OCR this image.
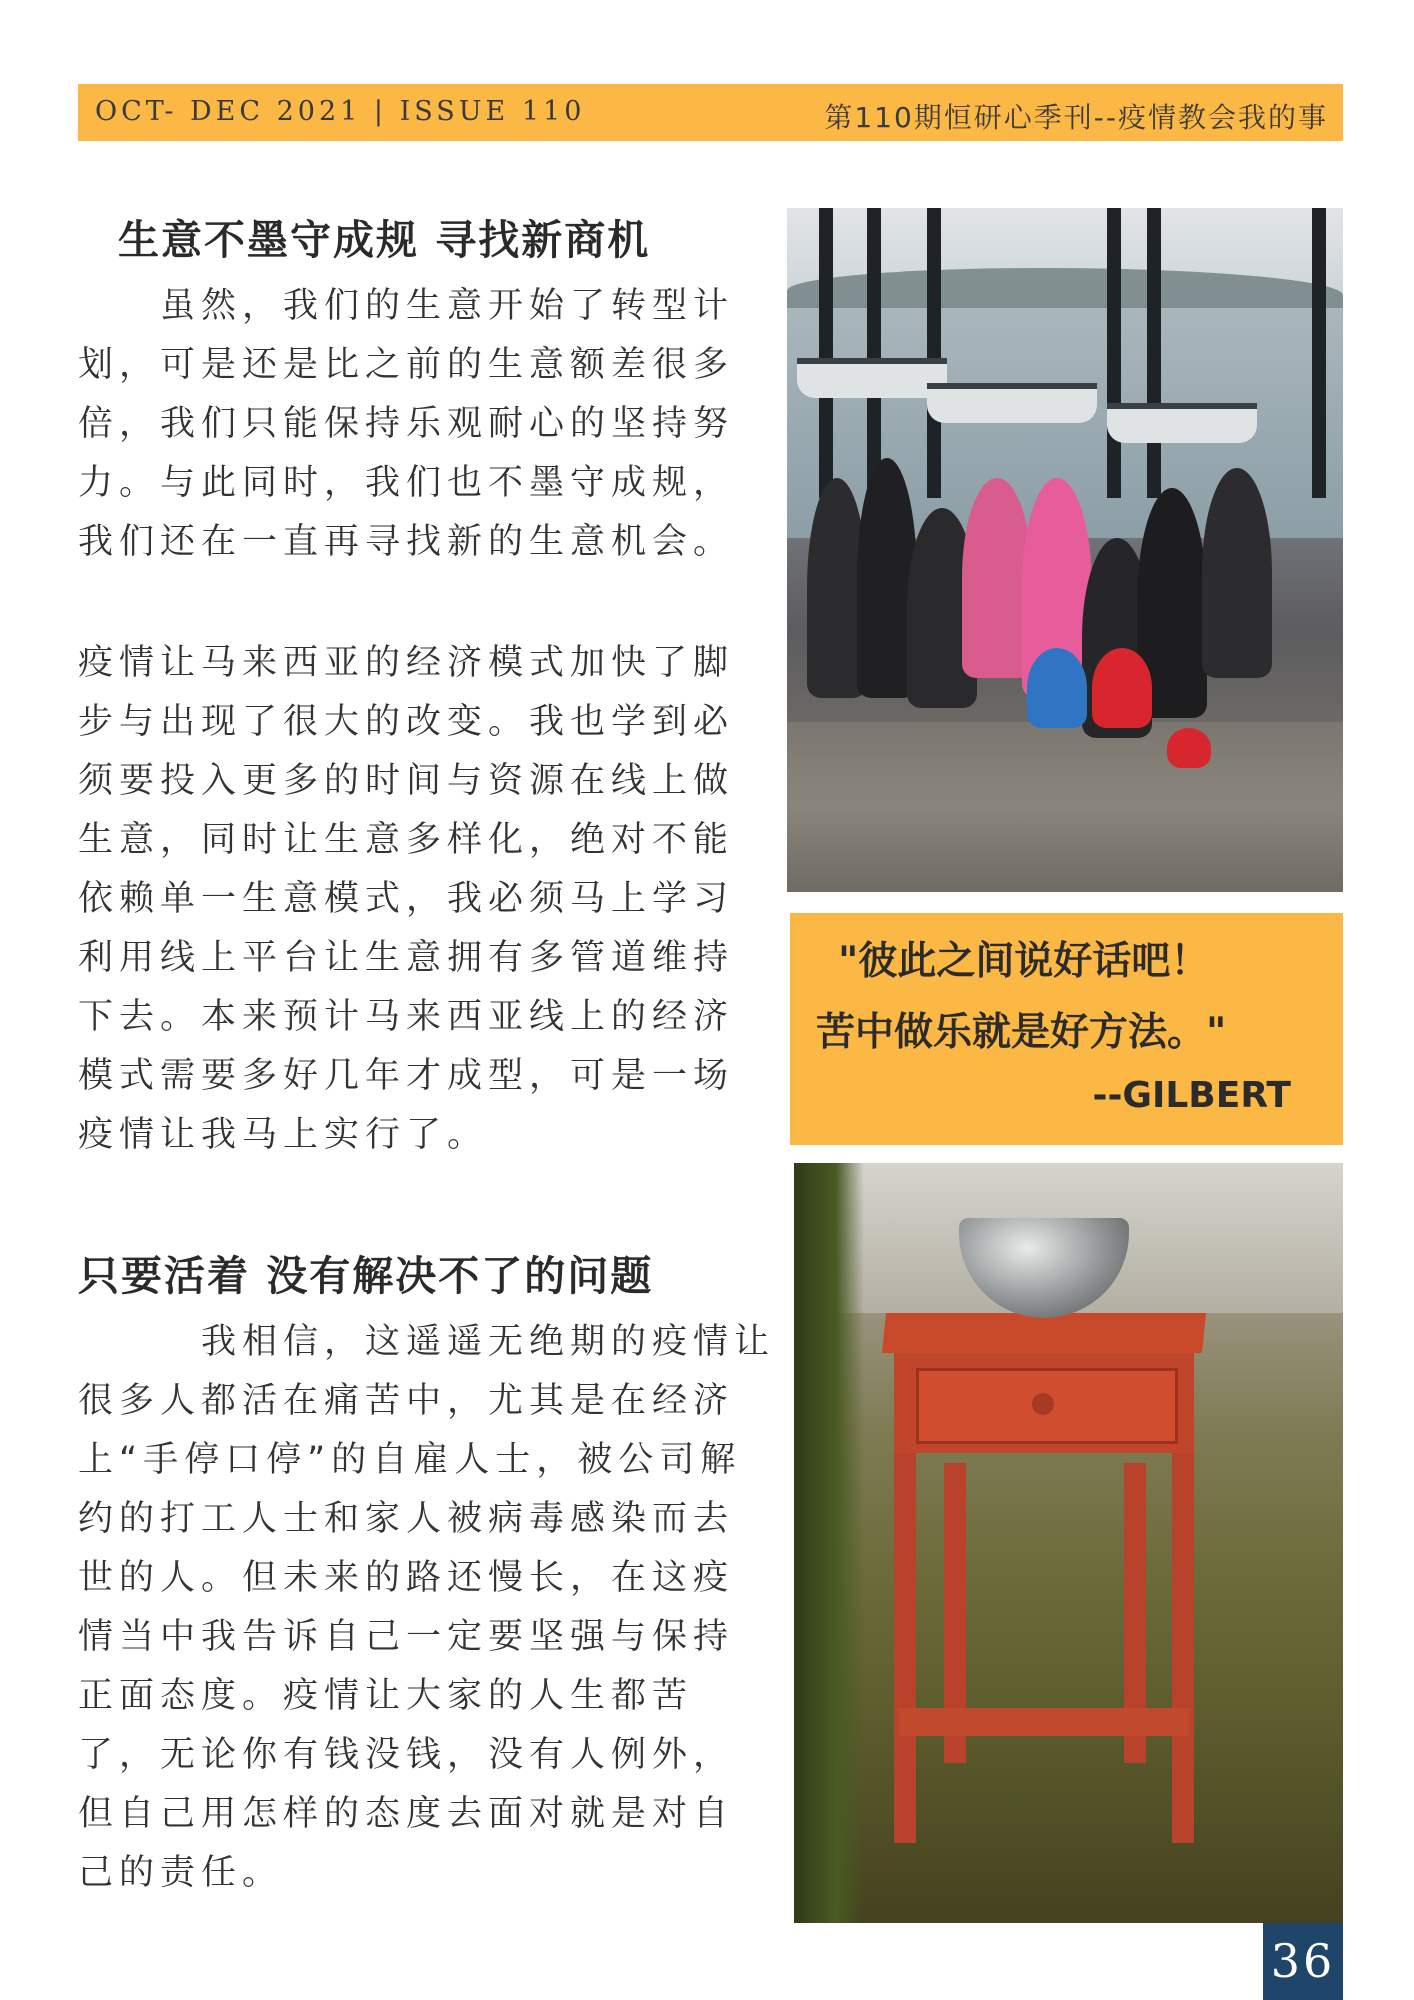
OCT- DEC 2021 | ISSUE 110	第110期恒研心季刊--疫情教会我的事
生意不墨守成规 寻找新商机
　　虽然，我们的生意开始了转型计
划，可是还是比之前的生意额差很多
倍，我们只能保持乐观耐心的坚持努
力。与此同时，我们也不墨守成规，
我们还在一直再寻找新的生意机会。
疫情让马来西亚的经济模式加快了脚
步与出现了很大的改变。我也学到必
须要投入更多的时间与资源在线上做
生意，同时让生意多样化，绝对不能
依赖单一生意模式，我必须马上学习
利用线上平台让生意拥有多管道维持
下去。本来预计马来西亚线上的经济
模式需要多好几年才成型，可是一场
疫情让我马上实行了。
只要活着 没有解决不了的问题
　　　我相信，这遥遥无绝期的疫情让
很多人都活在痛苦中，尤其是在经济
上“手停口停”的自雇人士，被公司解
约的打工人士和家人被病毒感染而去
世的人。但未来的路还慢长，在这疫
情当中我告诉自己一定要坚强与保持
正面态度。疫情让大家的人生都苦
了，无论你有钱没钱，没有人例外，
但自己用怎样的态度去面对就是对自
己的责任。
"彼此之间说好话吧！
苦中做乐就是好方法。"
--GILBERT
36
